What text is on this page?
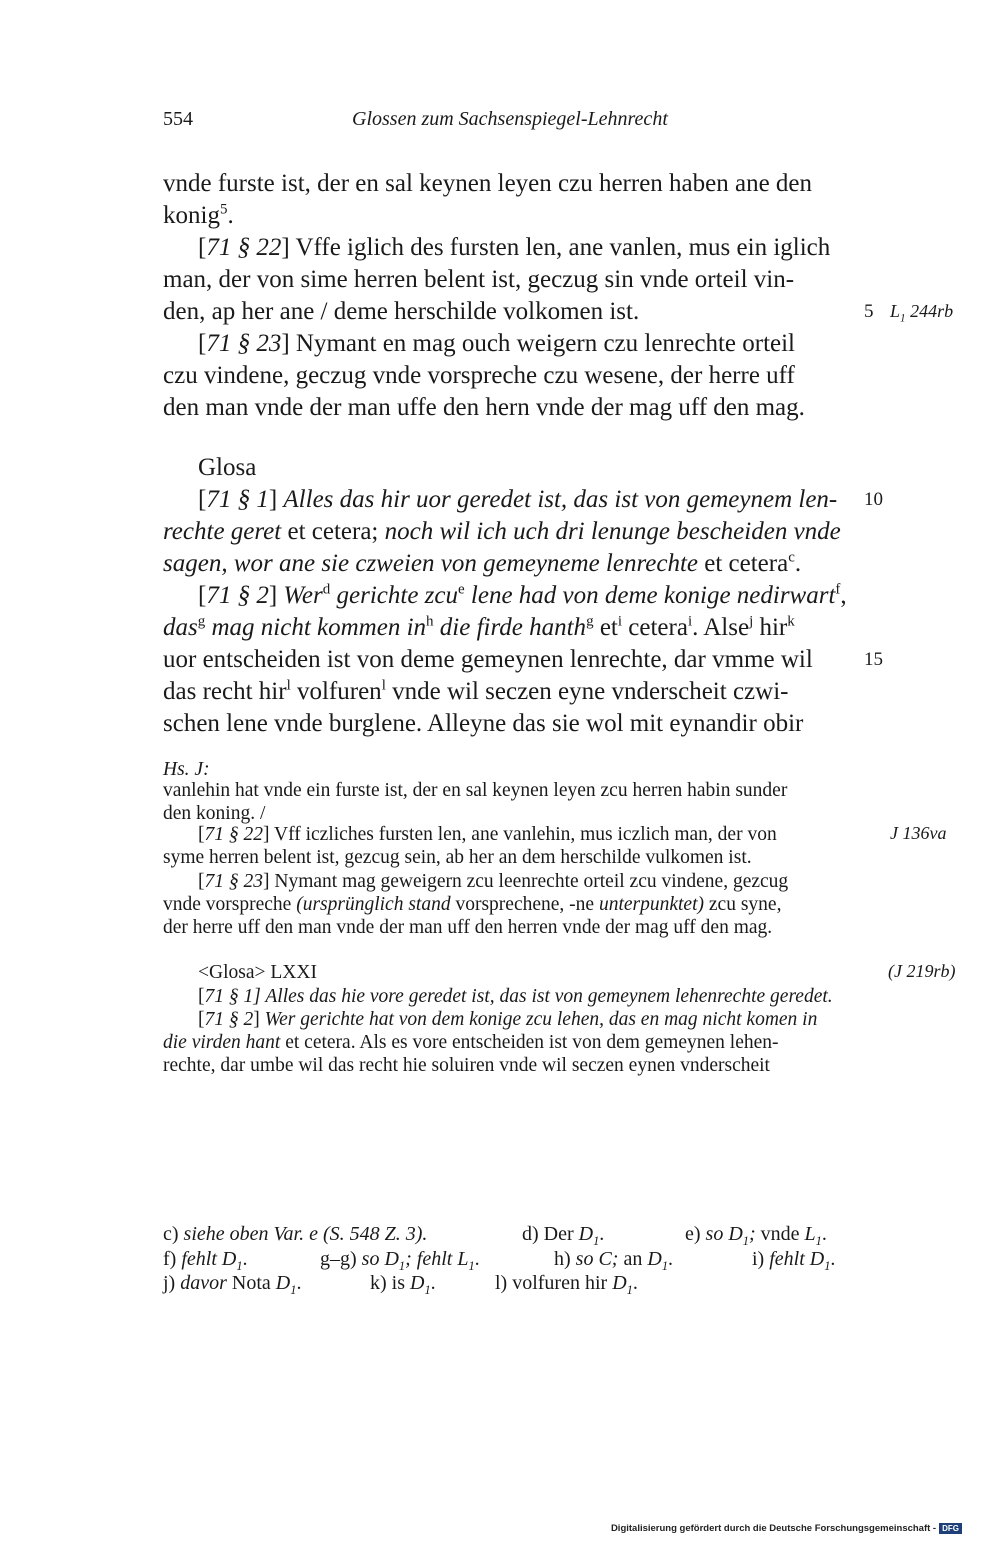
554	Glossen zum Sachsenspiegel-Lehnrecht
vnde furste ist, der en sal keynen leyen czu herren haben ane den
konig$^5$.
[71 § 22] Vffe iglich des fursten len, ane vanlen, mus ein iglich
man, der von sime herren belent ist, geczug sin vnde orteil vin-
den, ap her ane / deme herschilde volkomen ist.
[71 § 23] Nymant en mag ouch weigern czu lenrechte orteil
czu vindene, geczug vnde vorspreche czu wesene, der herre uff
den man vnde der man uffe den hern vnde der mag uff den mag.
Glosa
[71 § 1] Alles das hir uor geredet ist, das ist von gemeynem len-
rechte geret et cetera; noch wil ich uch dri lenunge bescheiden vnde
sagen, wor ane sie czweien von gemeyneme lenrechte et cetera$^c$.
[71 § 2] Wer$^d$ gerichte zcu$^e$ lene had von deme konige nedirwart$^f$,
das$^g$ mag nicht kommen $in^h$ die firde hanth$^g$ $et^i$ cetera$^i$. Alse$^j$ hir$^k$
uor entscheiden ist von deme gemeynen lenrechte, dar vmme wil
das recht hir$^l$ volfuren$^l$ vnde wil seczen eyne vnderscheit czwi-
schen lene vnde burglene. Alleyne das sie wol mit eynandir obir
5 $L_1$ 244rb
10
15
J 136va
(J 219rb)
Hs. J:
vanlehin hat vnde ein furste ist, der en sal keynen leyen zcu herren habin sunder
den koning. /
[71 § 22] Vff iczliches fursten len, ane vanlehin, mus iczlich man, der von
syme herren belent ist, gezcug sein, ab her an dem herschilde vulkomen ist.
[71 § 23] Nymant mag geweigern zcu leenrechte orteil zcu vindene, gezcug
vnde vorspreche (ursprünglich stand vorsprechene, -ne unterpunktet) zcu syne,
der herre uff den man vnde der man uff den herren vnde der mag uff den mag.
<Glosa> LXXI
[71 § 1] Alles das hie vore geredet ist, das ist von gemeynem lehenrechte geredet.
[71 § 2] Wer gerichte hat von dem konige zcu lehen, das en mag nicht komen in
die virden hant et cetera. Als es vore entscheiden ist von dem gemeynen lehen-
rechte, dar umbe wil das recht hie soluiren vnde wil seczen eynen vnderscheit
c) siehe oben Var. e (S. 548 Z. 3).	d) Der $D_1$.	e) so $D_1$; vnde $L_1$.
f) fehlt $D_1$.	g–g) so $D_1$; fehlt $L_1$.	h) so C; an $D_1$.	i) fehlt $D_1$.
j) davor Nota $D_1$.	k) is $D_1$.	l) volfuren hir $D_1$.
Digitalisierung gefördert durch die Deutsche Forschungsgemeinschaft - DFG
